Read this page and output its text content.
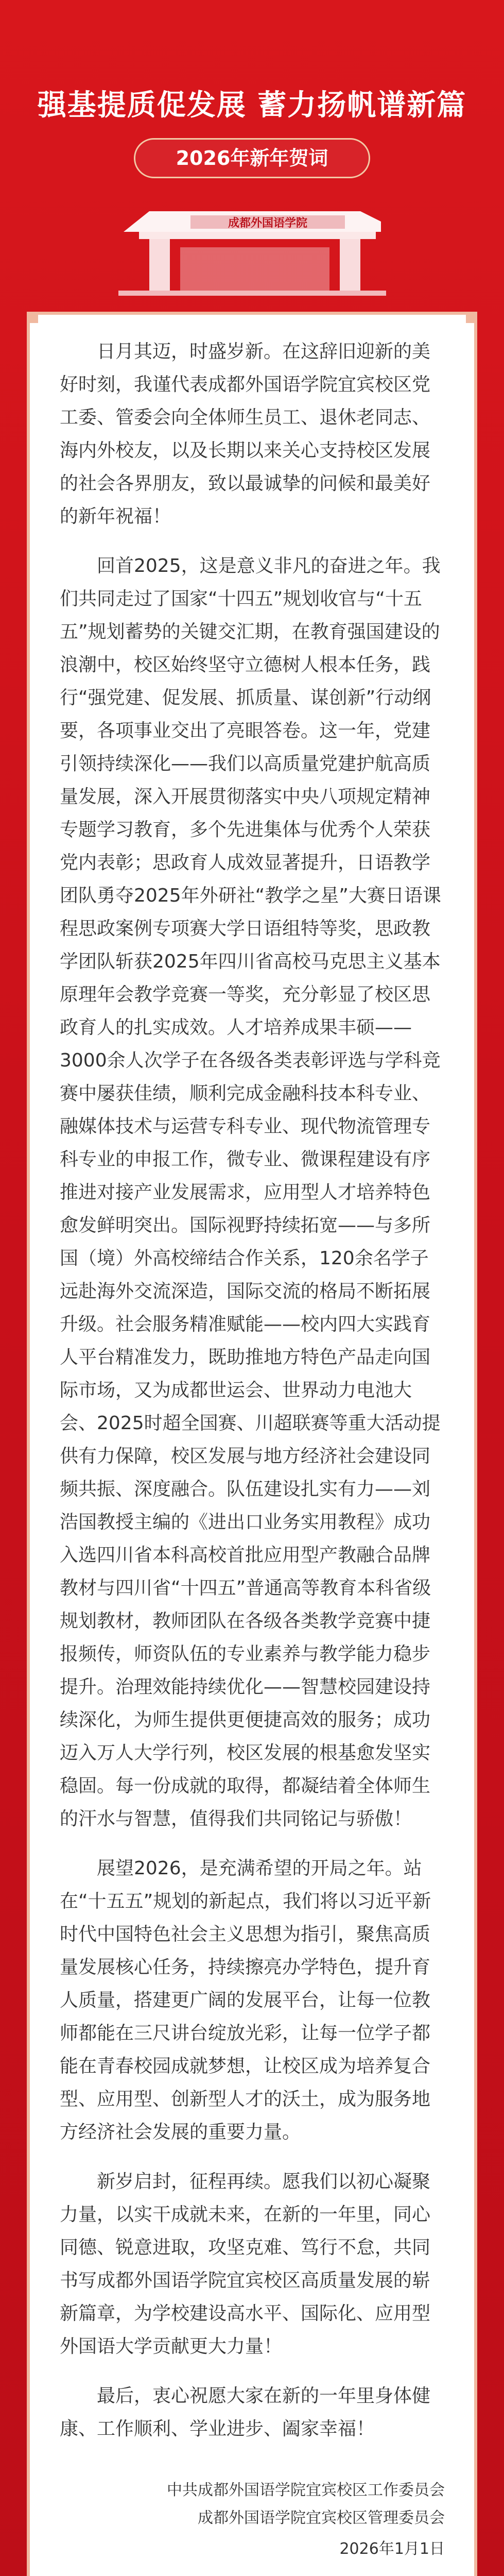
强基提质促发展 蓄力扬帆谱新篇
2026年新年贺词
成都外国语学院

日月其迈，时盛岁新。在这辞旧迎新的美好时刻，我谨代表成都外国语学院宜宾校区党工委、管委会向全体师生员工、退休老同志、海内外校友，以及长期以来关心支持校区发展的社会各界朋友，致以最诚挚的问候和最美好的新年祝福！

回首2025，这是意义非凡的奋进之年。我们共同走过了国家“十四五”规划收官与“十五五”规划蓄势的关键交汇期，在教育强国建设的浪潮中，校区始终坚守立德树人根本任务，践行“强党建、促发展、抓质量、谋创新”行动纲要，各项事业交出了亮眼答卷。这一年，党建引领持续深化——我们以高质量党建护航高质量发展，深入开展贯彻落实中央八项规定精神专题学习教育，多个先进集体与优秀个人荣获党内表彰；思政育人成效显著提升，日语教学团队勇夺2025年外研社“教学之星”大赛日语课程思政案例专项赛大学日语组特等奖，思政教学团队斩获2025年四川省高校马克思主义基本原理年会教学竞赛一等奖，充分彰显了校区思政育人的扎实成效。人才培养成果丰硕——3000余人次学子在各级各类表彰评选与学科竞赛中屡获佳绩，顺利完成金融科技本科专业、融媒体技术与运营专科专业、现代物流管理专科专业的申报工作，微专业、微课程建设有序推进对接产业发展需求，应用型人才培养特色愈发鲜明突出。国际视野持续拓宽——与多所国（境）外高校缔结合作关系，120余名学子远赴海外交流深造，国际交流的格局不断拓展升级。社会服务精准赋能——校内四大实践育人平台精准发力，既助推地方特色产品走向国际市场，又为成都世运会、世界动力电池大会、2025时超全国赛、川超联赛等重大活动提供有力保障，校区发展与地方经济社会建设同频共振、深度融合。队伍建设扎实有力——刘浩国教授主编的《进出口业务实用教程》成功入选四川省本科高校首批应用型产教融合品牌教材与四川省“十四五”普通高等教育本科省级规划教材，教师团队在各级各类教学竞赛中捷报频传，师资队伍的专业素养与教学能力稳步提升。治理效能持续优化——智慧校园建设持续深化，为师生提供更便捷高效的服务；成功迈入万人大学行列，校区发展的根基愈发坚实稳固。每一份成就的取得，都凝结着全体师生的汗水与智慧，值得我们共同铭记与骄傲！

展望2026，是充满希望的开局之年。站在“十五五”规划的新起点，我们将以习近平新时代中国特色社会主义思想为指引，聚焦高质量发展核心任务，持续擦亮办学特色，提升育人质量，搭建更广阔的发展平台，让每一位教师都能在三尺讲台绽放光彩，让每一位学子都能在青春校园成就梦想，让校区成为培养复合型、应用型、创新型人才的沃土，成为服务地方经济社会发展的重要力量。

新岁启封，征程再续。愿我们以初心凝聚力量，以实干成就未来，在新的一年里，同心同德、锐意进取，攻坚克难、笃行不怠，共同书写成都外国语学院宜宾校区高质量发展的崭新篇章，为学校建设高水平、国际化、应用型外国语大学贡献更大力量！

最后，衷心祝愿大家在新的一年里身体健康、工作顺利、学业进步、阖家幸福！

中共成都外国语学院宜宾校区工作委员会

成都外国语学院宜宾校区管理委员会

2026年1月1日
